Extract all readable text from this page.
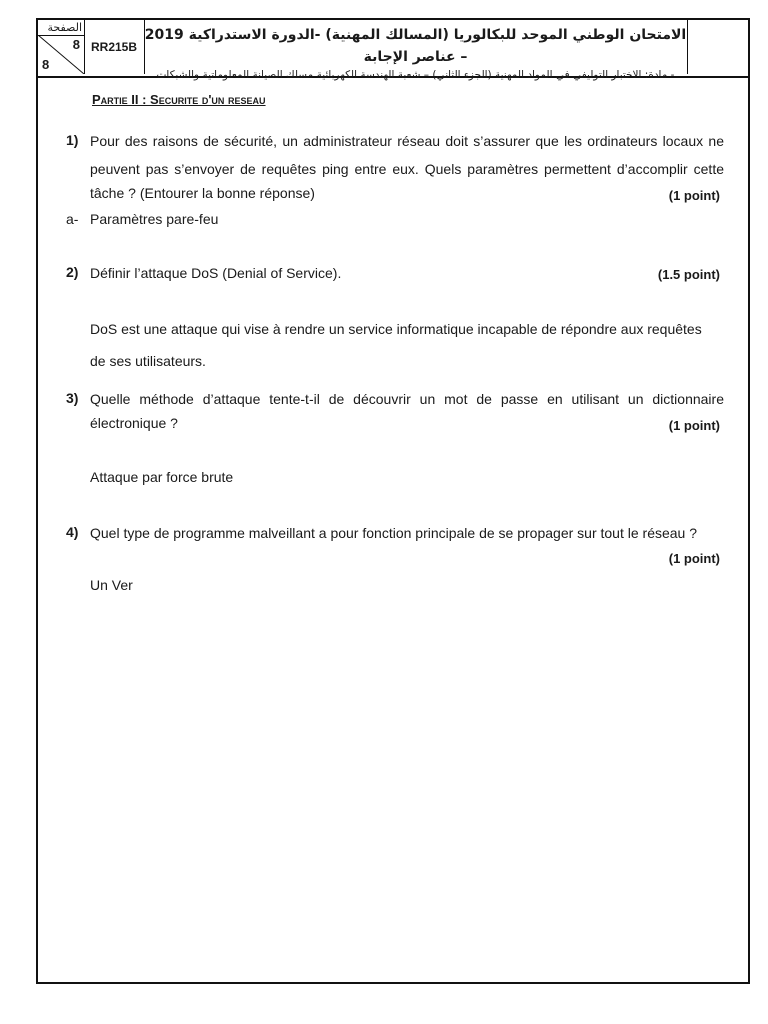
الصفحة
8
8
RR215B
الامتحان الوطني الموحد للبكالوريا (المسالك المهنية) -الدورة الاستدراكية 2019 – عناصر الإجابة
- مادة: الاختبار التوليفي في المواد المهنية (الجزء الثاني) – شعبة الهندسة الكهربائية مسلك الصيانة المعلوماتية والشبكات
Partie II : Securite d'un reseau
1) Pour des raisons de sécurité, un administrateur réseau doit s’assurer que les ordinateurs locaux ne
peuvent pas s’envoyer de requêtes ping entre eux. Quels paramètres permettent d’accomplir cette
tâche ? (Entourer la bonne réponse)	(1 point)
a- Paramètres pare-feu
2) Définir l’attaque DoS (Denial of Service).	(1.5 point)
DoS est une attaque qui vise à rendre un service informatique incapable de répondre aux requêtes
de ses utilisateurs.
3) Quelle méthode d’attaque tente-t-il de découvrir un mot de passe en utilisant un dictionnaire
électronique ?	(1 point)
Attaque par force brute
4) Quel type de programme malveillant a pour fonction principale de se propager sur tout le réseau ?
(1 point)
Un Ver
